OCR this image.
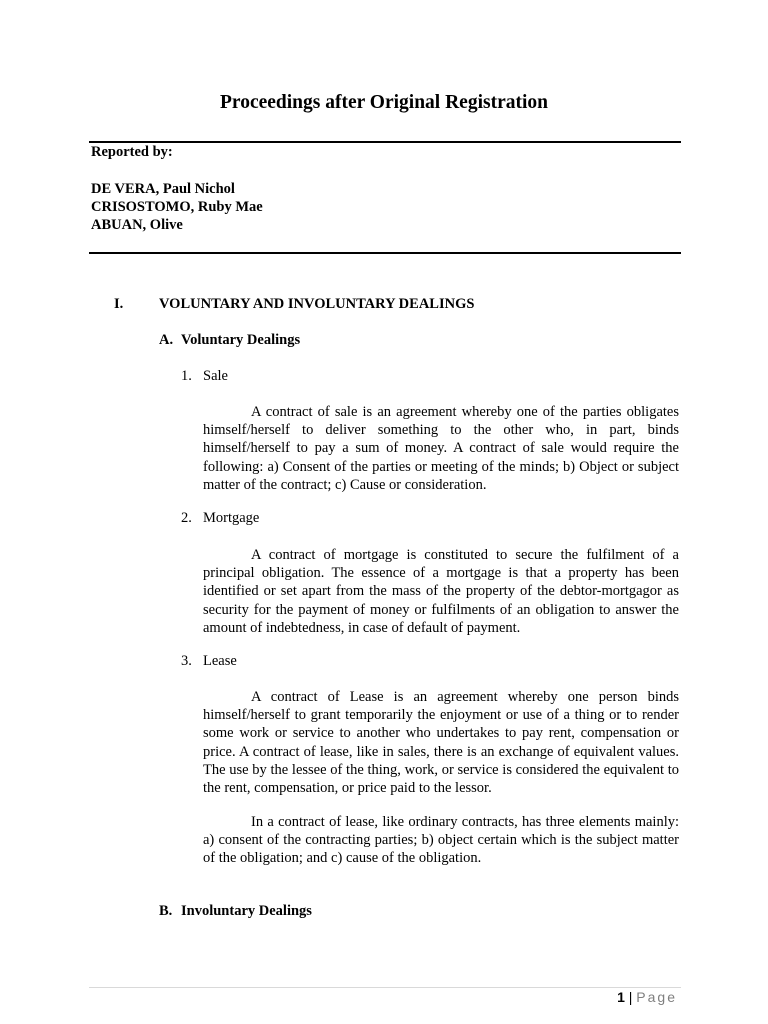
Proceedings after Original Registration
Reported by:
DE VERA, Paul Nichol
CRISOSTOMO, Ruby Mae
ABUAN, Olive
I. VOLUNTARY AND INVOLUNTARY DEALINGS
A. Voluntary Dealings
1. Sale
A contract of sale is an agreement whereby one of the parties obligates himself/herself to deliver something to the other who, in part, binds himself/herself to pay a sum of money. A contract of sale would require the following: a) Consent of the parties or meeting of the minds; b) Object or subject matter of the contract; c) Cause or consideration.
2. Mortgage
A contract of mortgage is constituted to secure the fulfilment of a principal obligation. The essence of a mortgage is that a property has been identified or set apart from the mass of the property of the debtor-mortgagor as security for the payment of money or fulfilments of an obligation to answer the amount of indebtedness, in case of default of payment.
3. Lease
A contract of Lease is an agreement whereby one person binds himself/herself to grant temporarily the enjoyment or use of a thing or to render some work or service to another who undertakes to pay rent, compensation or price. A contract of lease, like in sales, there is an exchange of equivalent values. The use by the lessee of the thing, work, or service is considered the equivalent to the rent, compensation, or price paid to the lessor.
In a contract of lease, like ordinary contracts, has three elements mainly: a) consent of the contracting parties; b) object certain which is the subject matter of the obligation; and c) cause of the obligation.
B. Involuntary Dealings
1 | Page
